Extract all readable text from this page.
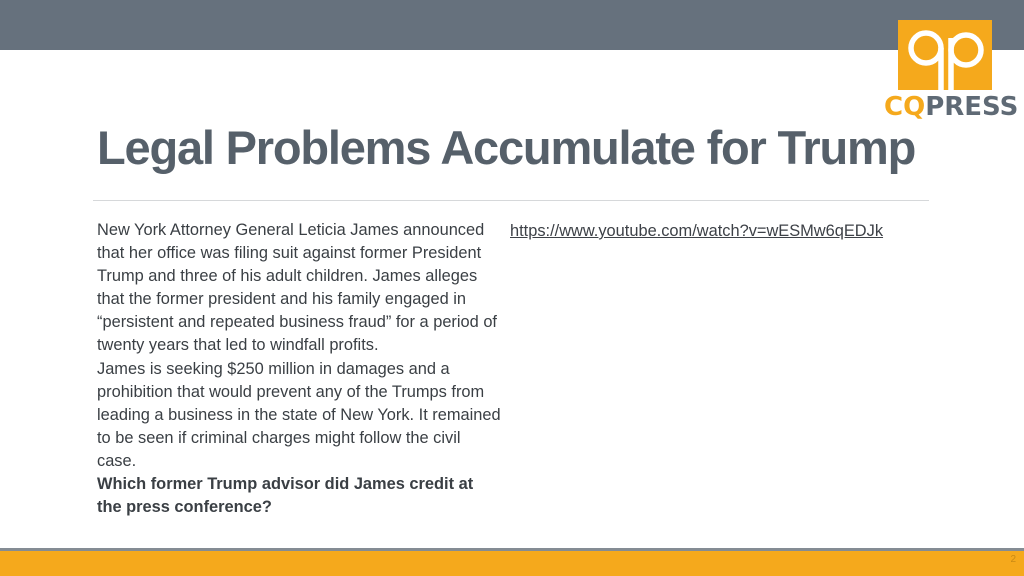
CQPRESS
Legal Problems Accumulate for Trump

New York Attorney General Leticia James announced that her office was filing suit against former President Trump and three of his adult children. James alleges that the former president and his family engaged in “persistent and repeated business fraud” for a period of twenty years that led to windfall profits.

James is seeking $250 million in damages and a prohibition that would prevent any of the Trumps from leading a business in the state of New York. It remained to be seen if criminal charges might follow the civil case.

Which former Trump advisor did James credit at the press conference?

https://www.youtube.com/watch?v=wESMw6qEDJk
2
